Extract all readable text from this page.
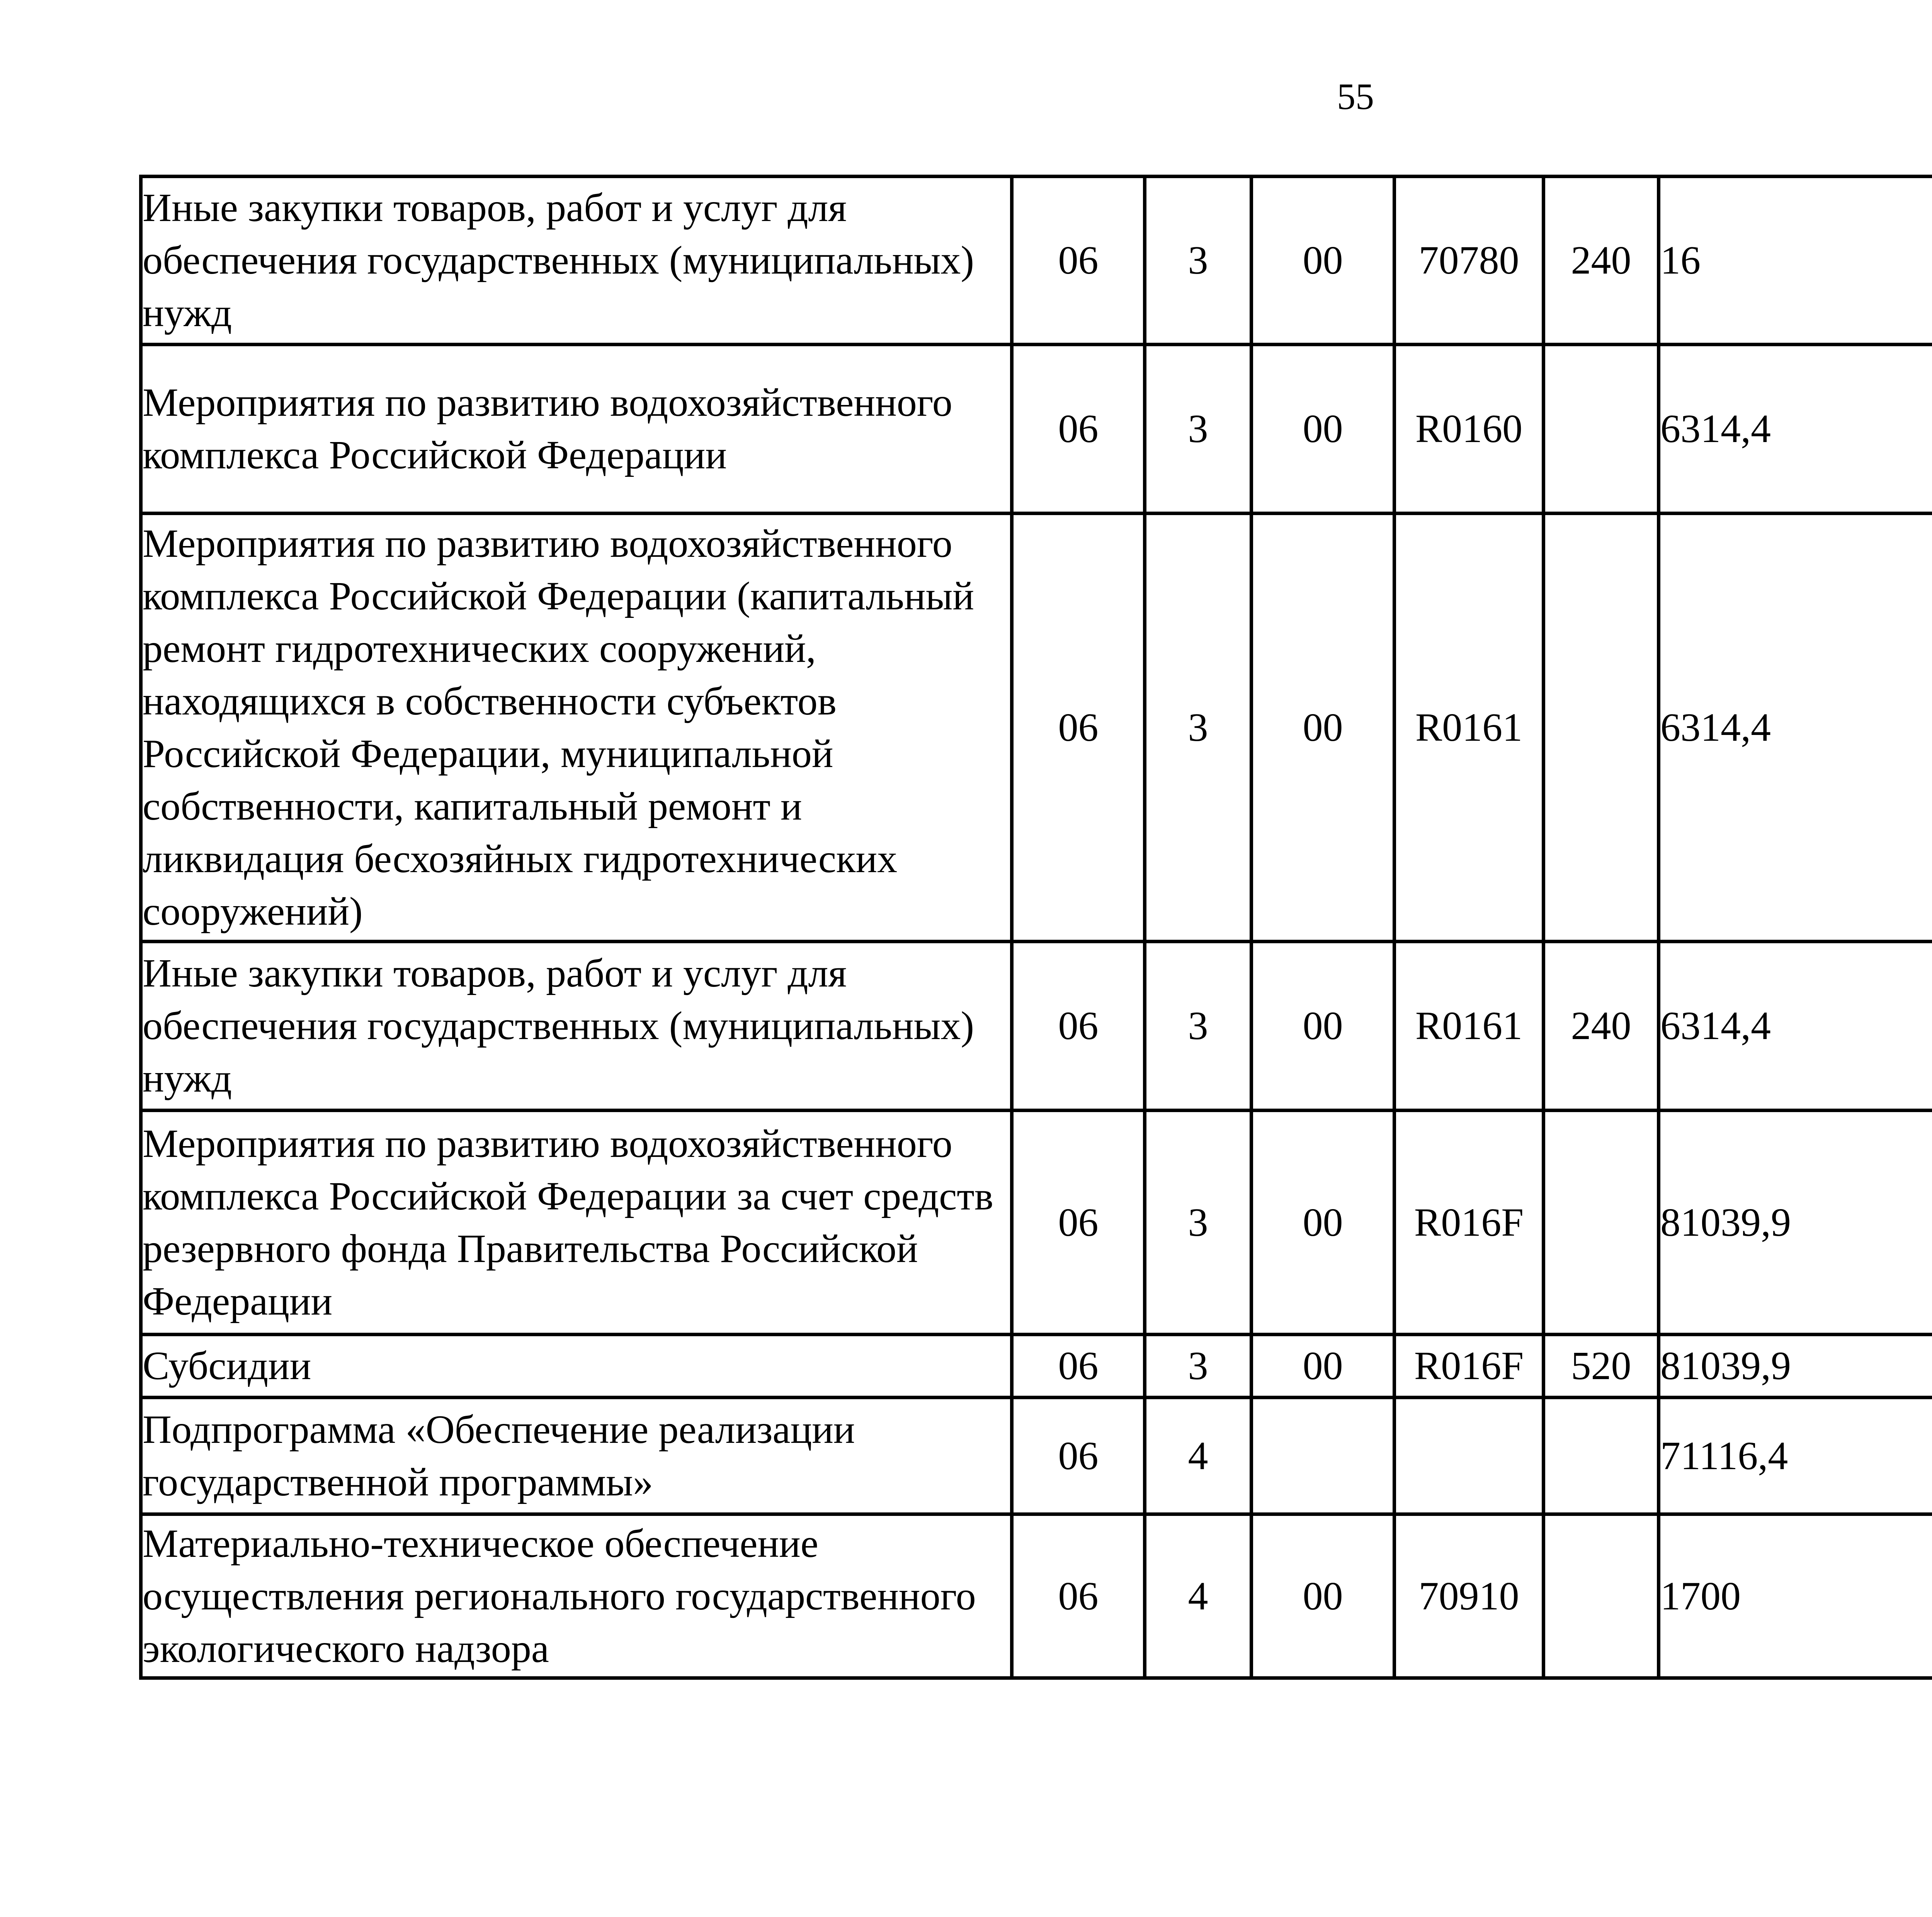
55
Иные закупки товаров, работ и услуг для обеспечения государственных (муниципальных) нужд	06	3	00	70780	240	16		
Мероприятия по развитию водохозяйственного комплекса Российской Федерации	06	3	00	R0160		6314,4		
Мероприятия по развитию водохозяйственного комплекса Российской Федерации (капитальный ремонт гидротехнических сооружений, находящихся в собственности субъектов Российской Федерации, муниципальной собственности, капитальный ремонт и ликвидация бесхозяйных гидротехнических сооружений)	06	3	00	R0161		6314,4		
Иные закупки товаров, работ и услуг для обеспечения государственных (муниципальных) нужд	06	3	00	R0161	240	6314,4		
Мероприятия по развитию водохозяйственного комплекса Российской Федерации за счет средств резервного фонда Правительства Российской Федерации	06	3	00	R016F		81039,9		
Субсидии	06	3	00	R016F	520	81039,9		
Подпрограмма «Обеспечение реализации государственной программы»	06	4				71116,4		
Материально-техническое обеспечение осуществления регионального государственного экологического надзора	06	4	00	70910		1700		
